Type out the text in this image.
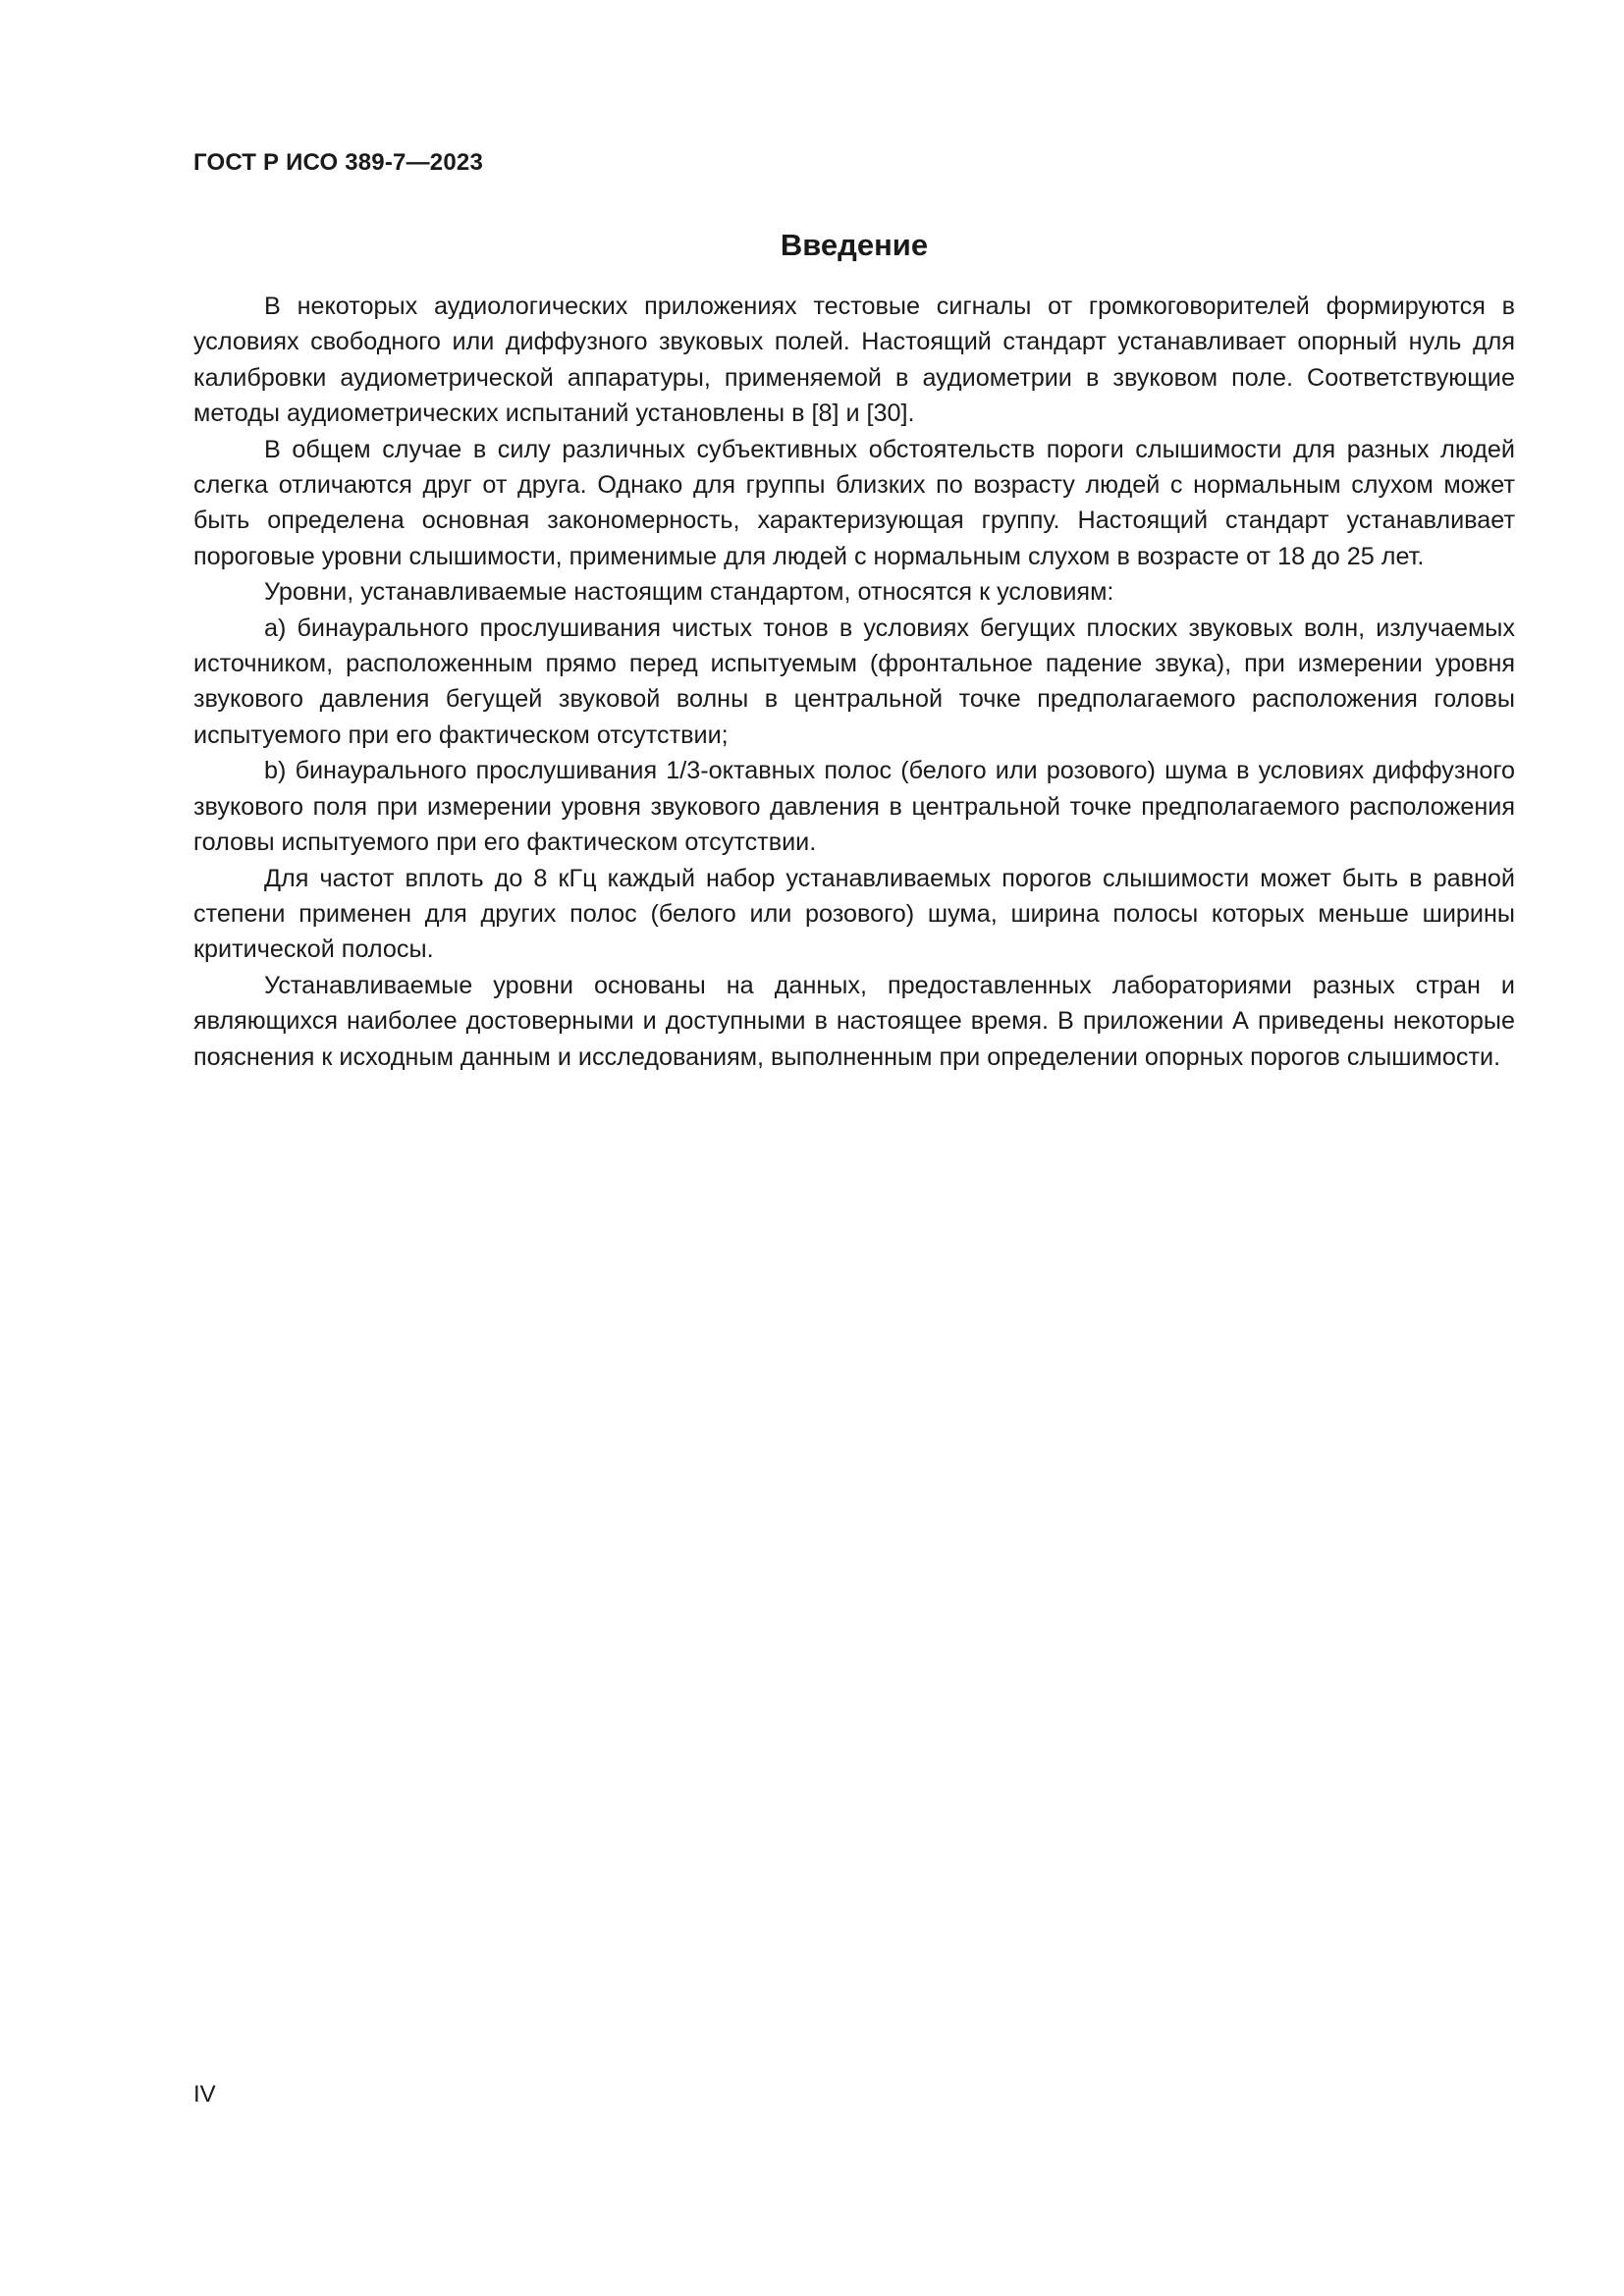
ГОСТ Р ИСО 389-7—2023

Введение

В некоторых аудиологических приложениях тестовые сигналы от громкоговорителей формируются в условиях свободного или диффузного звуковых полей. Настоящий стандарт устанавливает опорный нуль для калибровки аудиометрической аппаратуры, применяемой в аудиометрии в звуковом поле. Соответствующие методы аудиометрических испытаний установлены в [8] и [30].

В общем случае в силу различных субъективных обстоятельств пороги слышимости для разных людей слегка отличаются друг от друга. Однако для группы близких по возрасту людей с нормальным слухом может быть определена основная закономерность, характеризующая группу. Настоящий стандарт устанавливает пороговые уровни слышимости, применимые для людей с нормальным слухом в возрасте от 18 до 25 лет.

Уровни, устанавливаемые настоящим стандартом, относятся к условиям:

a) бинаурального прослушивания чистых тонов в условиях бегущих плоских звуковых волн, излучаемых источником, расположенным прямо перед испытуемым (фронтальное падение звука), при измерении уровня звукового давления бегущей звуковой волны в центральной точке предполагаемого расположения головы испытуемого при его фактическом отсутствии;

b) бинаурального прослушивания 1/3-октавных полос (белого или розового) шума в условиях диффузного звукового поля при измерении уровня звукового давления в центральной точке предполагаемого расположения головы испытуемого при его фактическом отсутствии.

Для частот вплоть до 8 кГц каждый набор устанавливаемых порогов слышимости может быть в равной степени применен для других полос (белого или розового) шума, ширина полосы которых меньше ширины критической полосы.

Устанавливаемые уровни основаны на данных, предоставленных лабораториями разных стран и являющихся наиболее достоверными и доступными в настоящее время. В приложении А приведены некоторые пояснения к исходным данным и исследованиям, выполненным при определении опорных порогов слышимости.

IV
